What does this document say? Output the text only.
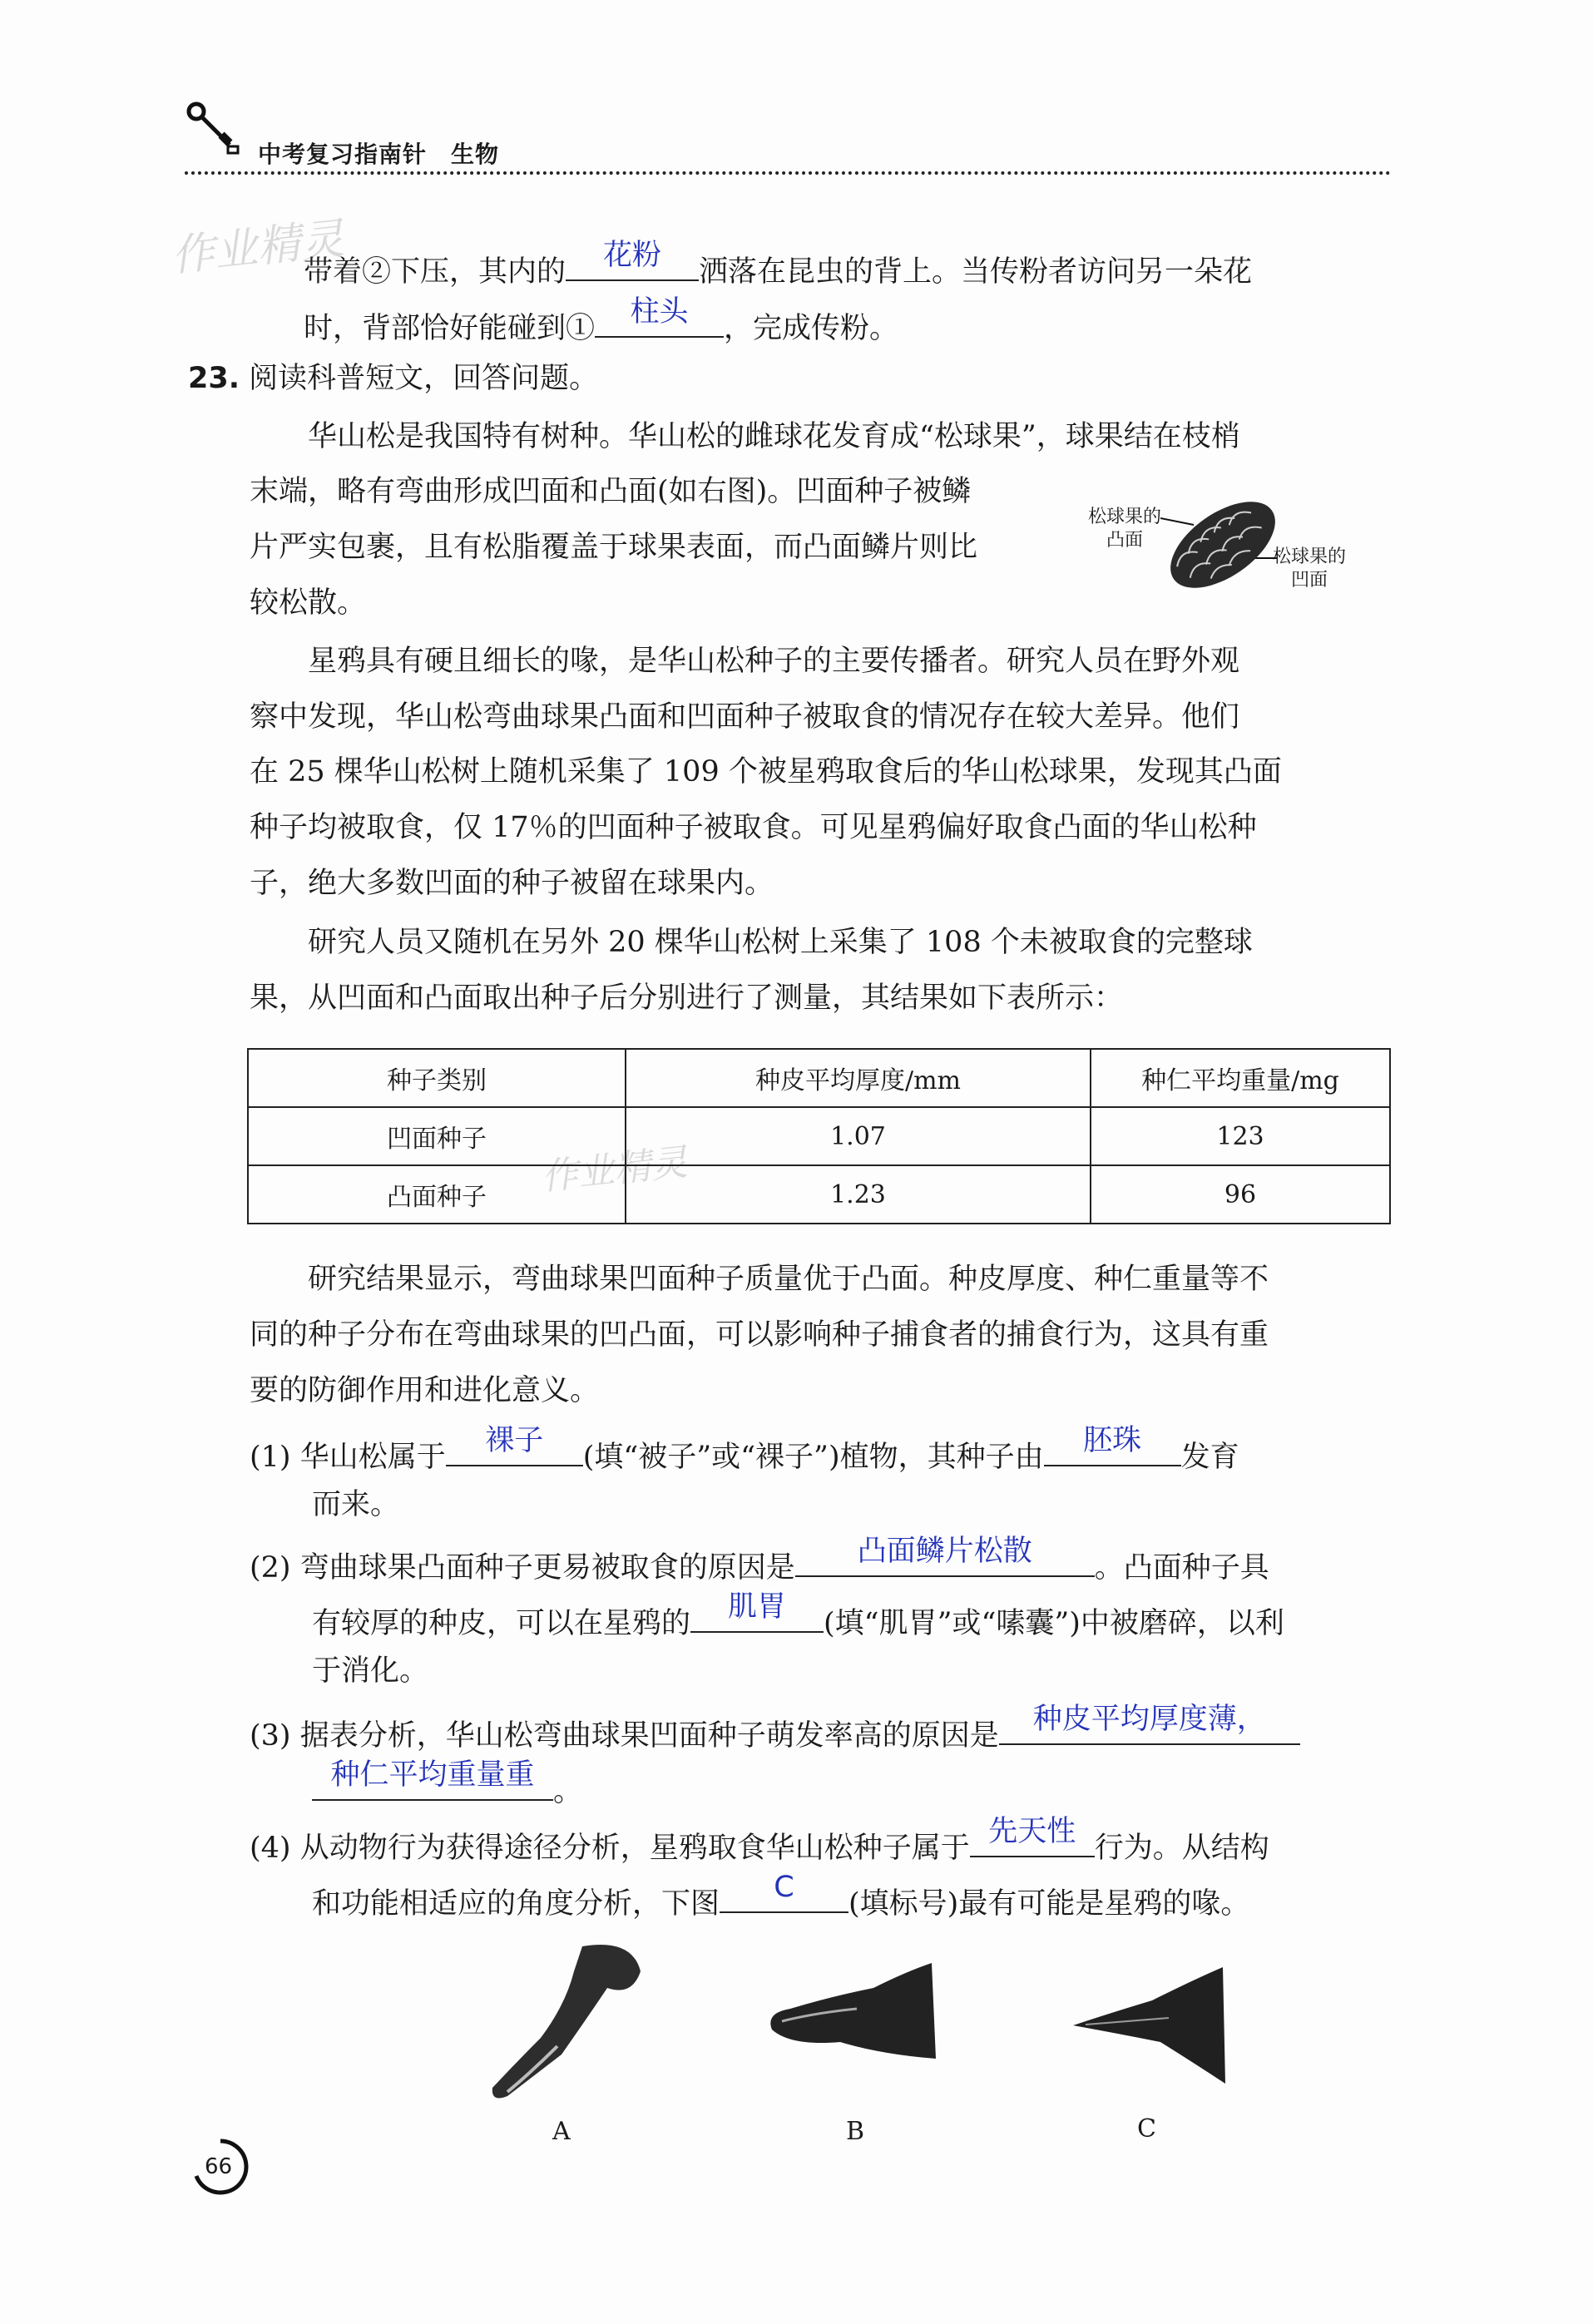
中考复习指南针　生物
作业精灵
作业精灵
带着②下压，其内的	花粉	洒落在昆虫的背上。当传粉者访问另一朵花
时，背部恰好能碰到①	柱头	，完成传粉。
23. 阅读科普短文，回答问题。
华山松是我国特有树种。华山松的雌球花发育成“松球果”，球果结在枝梢
末端，略有弯曲形成凹面和凸面(如右图)。凹面种子被鳞
片严实包裹，且有松脂覆盖于球果表面，而凸面鳞片则比
较松散。
松球果的
凸面
松球果的
凹面
星鸦具有硬且细长的喙，是华山松种子的主要传播者。研究人员在野外观
察中发现，华山松弯曲球果凸面和凹面种子被取食的情况存在较大差异。他们
在 25 棵华山松树上随机采集了 109 个被星鸦取食后的华山松球果，发现其凸面
种子均被取食，仅 17％的凹面种子被取食。可见星鸦偏好取食凸面的华山松种
子，绝大多数凹面的种子被留在球果内。
研究人员又随机在另外 20 棵华山松树上采集了 108 个未被取食的完整球
果，从凹面和凸面取出种子后分别进行了测量，其结果如下表所示：
种子类别	种皮平均厚度/mm	种仁平均重量/mg
凹面种子	1.07	123
凸面种子	1.23	96
研究结果显示，弯曲球果凹面种子质量优于凸面。种皮厚度、种仁重量等不
同的种子分布在弯曲球果的凹凸面，可以影响种子捕食者的捕食行为，这具有重
要的防御作用和进化意义。
(1) 华山松属于	裸子	(填“被子”或“裸子”)植物，其种子由	胚珠	发育
而来。
(2) 弯曲球果凸面种子更易被取食的原因是	凸面鳞片松散	。凸面种子具
有较厚的种皮，可以在星鸦的	肌胃	(填“肌胃”或“嗉囊”)中被磨碎，以利
于消化。
(3) 据表分析，华山松弯曲球果凹面种子萌发率高的原因是	种皮平均厚度薄，
种仁平均重量重 。
(4) 从动物行为获得途径分析，星鸦取食华山松种子属于 先天性 行为。从结构
和功能相适应的角度分析，下图	C	(填标号)最有可能是星鸦的喙。
A	B	C
66
